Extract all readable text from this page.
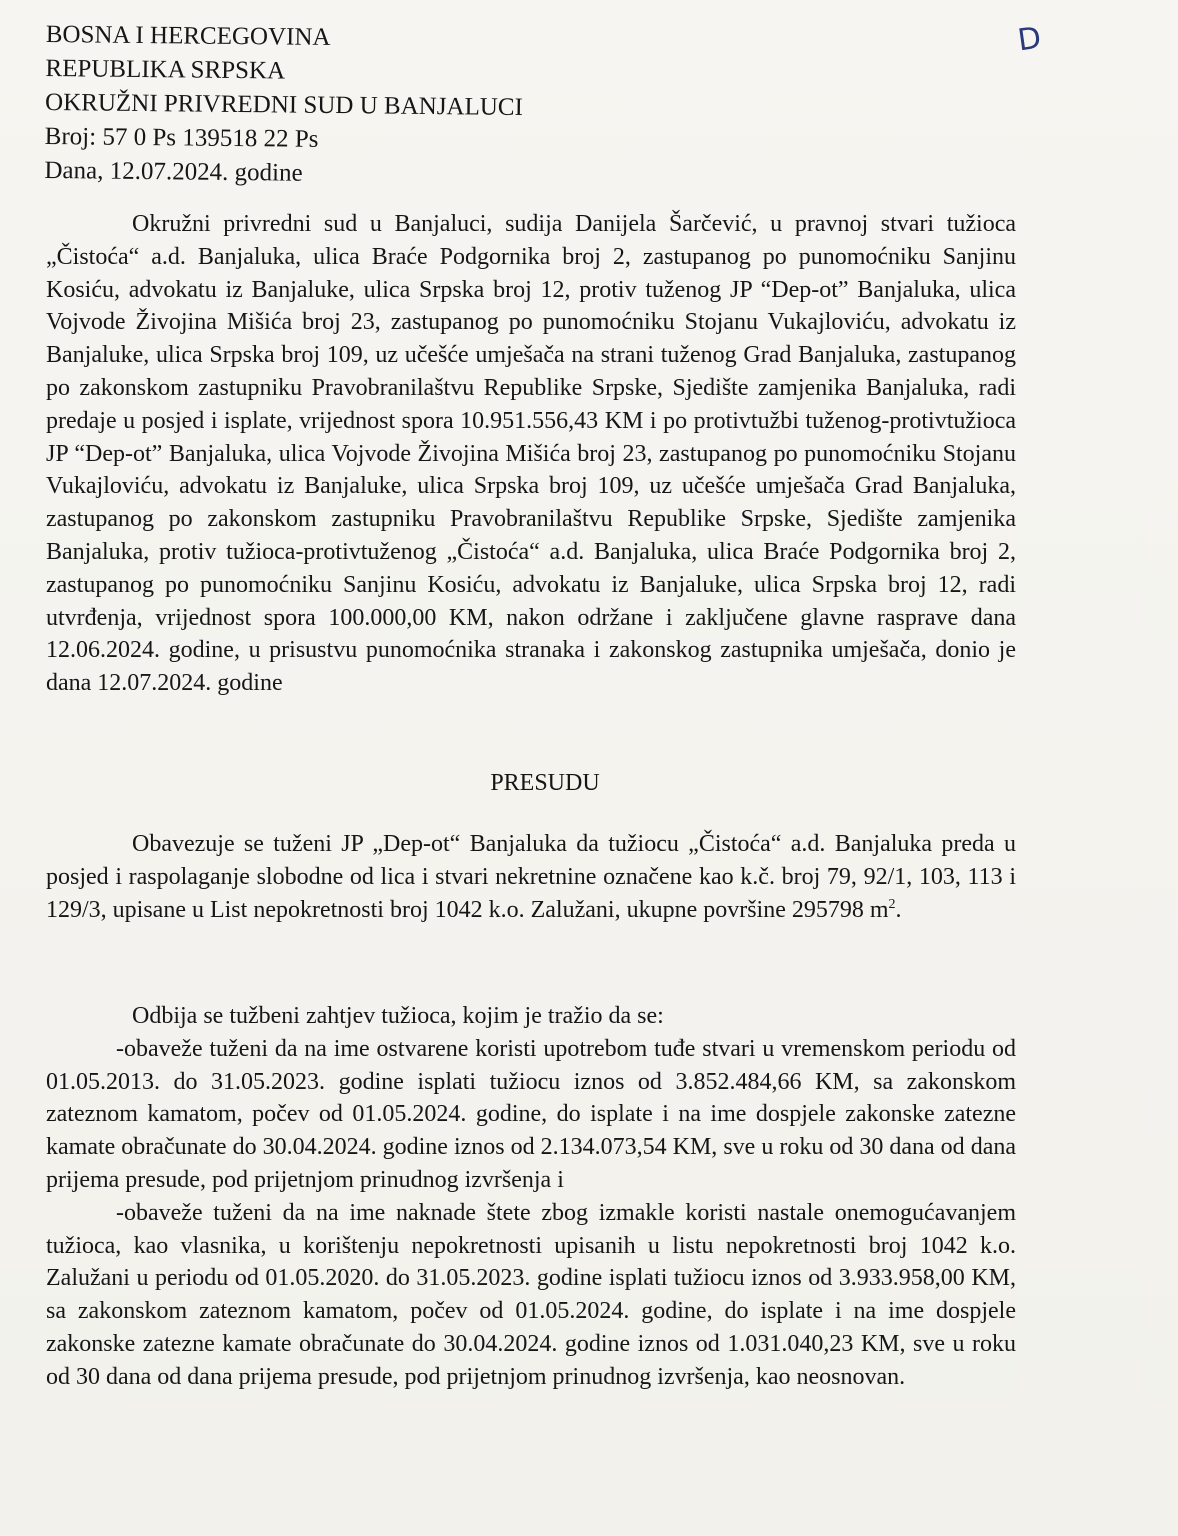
BOSNA I HERCEGOVINA
REPUBLIKA SRPSKA
OKRUŽNI PRIVREDNI SUD U BANJALUCI
Broj: 57 0 Ps 139518 22 Ps
Dana, 12.07.2024. godine
D
Okružni privredni sud u Banjaluci, sudija Danijela Šarčević, u pravnoj stvari tužioca „Čistoća“ a.d. Banjaluka, ulica Braće Podgornika broj 2, zastupanog po punomoćniku Sanjinu Kosiću, advokatu iz Banjaluke, ulica Srpska broj 12, protiv tuženog JP “Dep-ot” Banjaluka, ulica Vojvode Živojina Mišića broj 23, zastupanog po punomoćniku Stojanu Vukajloviću, advokatu iz Banjaluke, ulica Srpska broj 109, uz učešće umješača na strani tuženog Grad Banjaluka, zastupanog po zakonskom zastupniku Pravobranilaštvu Republike Srpske, Sjedište zamjenika Banjaluka, radi predaje u posjed i isplate, vrijednost spora 10.951.556,43 KM i po protivtužbi tuženog-protivtužioca JP “Dep-ot” Banjaluka, ulica Vojvode Živojina Mišića broj 23, zastupanog po punomoćniku Stojanu Vukajloviću, advokatu iz Banjaluke, ulica Srpska broj 109, uz učešće umješača Grad Banjaluka, zastupanog po zakonskom zastupniku Pravobranilaštvu Republike Srpske, Sjedište zamjenika Banjaluka, protiv tužioca-protivtuženog „Čistoća“ a.d. Banjaluka, ulica Braće Podgornika broj 2, zastupanog po punomoćniku Sanjinu Kosiću, advokatu iz Banjaluke, ulica Srpska broj 12, radi utvrđenja, vrijednost spora 100.000,00 KM, nakon održane i zaključene glavne rasprave dana 12.06.2024. godine, u prisustvu punomoćnika stranaka i zakonskog zastupnika umješača, donio je dana 12.07.2024. godine
PRESUDU
Obavezuje se tuženi JP „Dep-ot“ Banjaluka da tužiocu „Čistoća“ a.d. Banjaluka preda u posjed i raspolaganje slobodne od lica i stvari nekretnine označene kao k.č. broj 79, 92/1, 103, 113 i 129/3, upisane u List nepokretnosti broj 1042 k.o. Zalužani, ukupne površine 295798 $m^2$.

Odbija se tužbeni zahtjev tužioca, kojim je tražio da se:

-obaveže tuženi da na ime ostvarene koristi upotrebom tuđe stvari u vremenskom periodu od 01.05.2013. do 31.05.2023. godine isplati tužiocu iznos od 3.852.484,66 KM, sa zakonskom zateznom kamatom, počev od 01.05.2024. godine, do isplate i na ime dospjele zakonske zatezne kamate obračunate do 30.04.2024. godine iznos od 2.134.073,54 KM, sve u roku od 30 dana od dana prijema presude, pod prijetnjom prinudnog izvršenja i

-obaveže tuženi da na ime naknade štete zbog izmakle koristi nastale onemogućavanjem tužioca, kao vlasnika, u korištenju nepokretnosti upisanih u listu nepokretnosti broj 1042 k.o. Zalužani u periodu od 01.05.2020. do 31.05.2023. godine isplati tužiocu iznos od 3.933.958,00 KM, sa zakonskom zateznom kamatom, počev od 01.05.2024. godine, do isplate i na ime dospjele zakonske zatezne kamate obračunate do 30.04.2024. godine iznos od 1.031.040,23 KM, sve u roku od 30 dana od dana prijema presude, pod prijetnjom prinudnog izvršenja, kao neosnovan.
